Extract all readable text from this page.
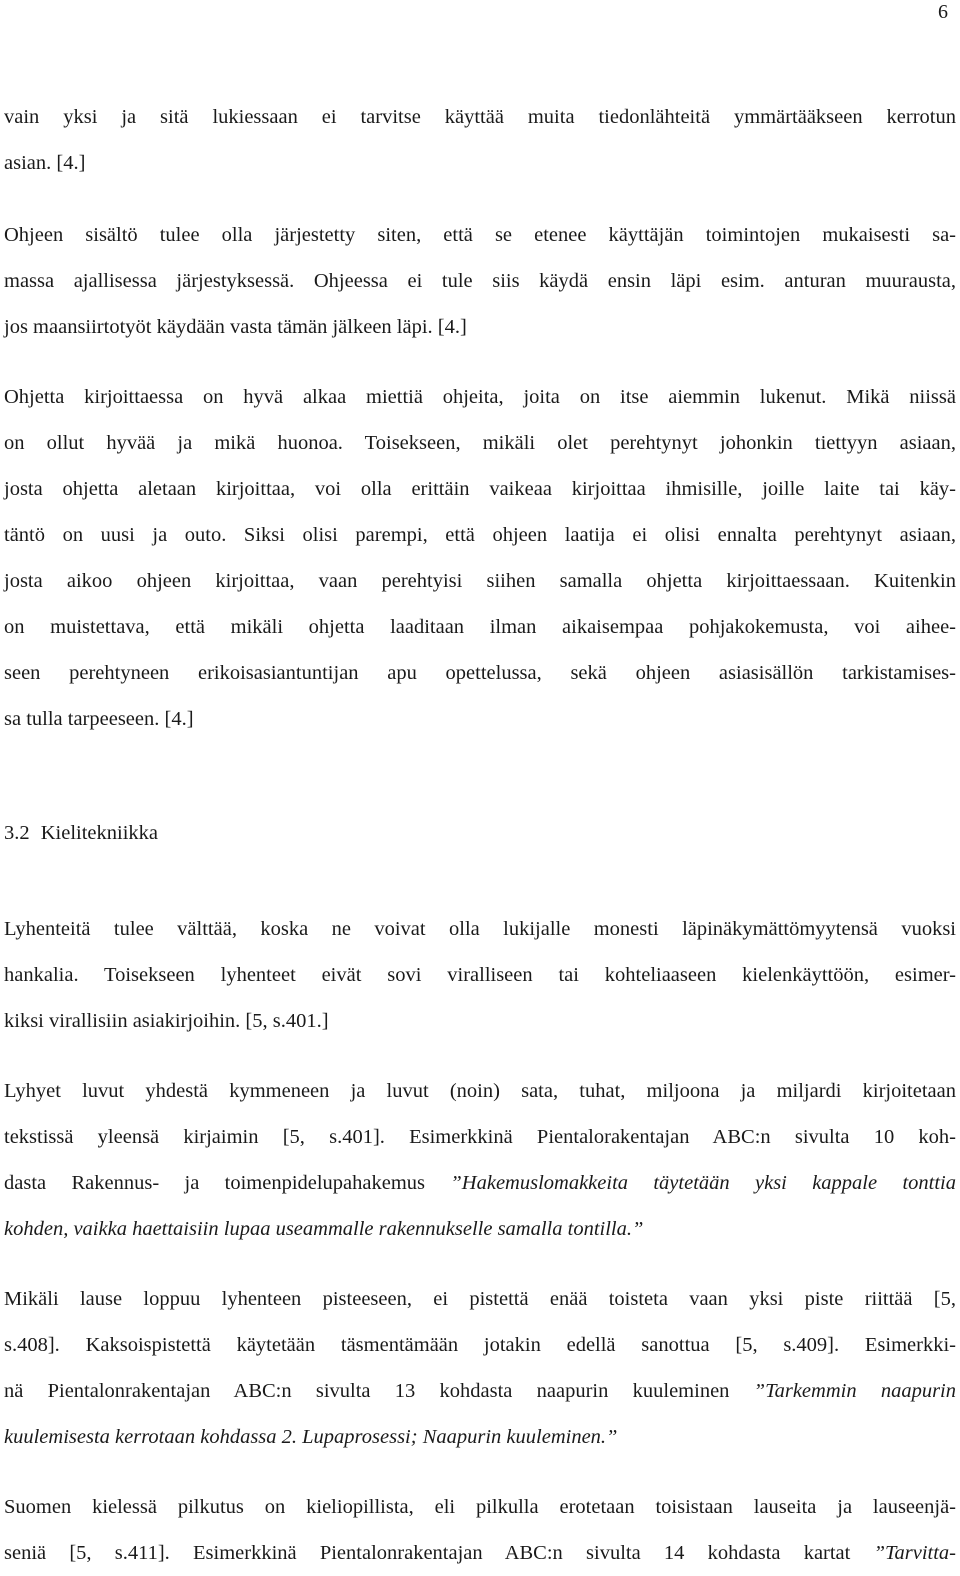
6
vain yksi ja sitä lukiessaan ei tarvitse käyttää muita tiedonlähteitä ymmärtääkseen kerrotun
asian. [4.]
Ohjeen sisältö tulee olla järjestetty siten, että se etenee käyttäjän toimintojen mukaisesti sa-
massa ajallisessa järjestyksessä. Ohjeessa ei tule siis käydä ensin läpi esim. anturan muurausta,
jos maansiirtotyöt käydään vasta tämän jälkeen läpi. [4.]
Ohjetta kirjoittaessa on hyvä alkaa miettiä ohjeita, joita on itse aiemmin lukenut. Mikä niissä
on ollut hyvää ja mikä huonoa. Toisekseen, mikäli olet perehtynyt johonkin tiettyyn asiaan,
josta ohjetta aletaan kirjoittaa, voi olla erittäin vaikeaa kirjoittaa ihmisille, joille laite tai käy-
täntö on uusi ja outo. Siksi olisi parempi, että ohjeen laatija ei olisi ennalta perehtynyt asiaan,
josta aikoo ohjeen kirjoittaa, vaan perehtyisi siihen samalla ohjetta kirjoittaessaan. Kuitenkin
on muistettava, että mikäli ohjetta laaditaan ilman aikaisempaa pohjakokemusta, voi aihee-
seen perehtyneen erikoisasiantuntijan apu opettelussa, sekä ohjeen asiasisällön tarkistamises-
sa tulla tarpeeseen. [4.]
3.2 Kielitekniikka
Lyhenteitä tulee välttää, koska ne voivat olla lukijalle monesti läpinäkymättömyytensä vuoksi
hankalia. Toisekseen lyhenteet eivät sovi viralliseen tai kohteliaaseen kielenkäyttöön, esimer-
kiksi virallisiin asiakirjoihin. [5, s.401.]
Lyhyet luvut yhdestä kymmeneen ja luvut (noin) sata, tuhat, miljoona ja miljardi kirjoitetaan
tekstissä yleensä kirjaimin [5, s.401]. Esimerkkinä Pientalorakentajan ABC:n sivulta 10 koh-
dasta Rakennus- ja toimenpidelupahakemus ”Hakemuslomakkeita täytetään yksi kappale tonttia
kohden, vaikka haettaisiin lupaa useammalle rakennukselle samalla tontilla.”
Mikäli lause loppuu lyhenteen pisteeseen, ei pistettä enää toisteta vaan yksi piste riittää [5,
s.408]. Kaksoispistettä käytetään täsmentämään jotakin edellä sanottua [5, s.409]. Esimerkki-
nä Pientalonrakentajan ABC:n sivulta 13 kohdasta naapurin kuuleminen ”Tarkemmin naapurin
kuulemisesta kerrotaan kohdassa 2. Lupaprosessi; Naapurin kuuleminen.”
Suomen kielessä pilkutus on kieliopillista, eli pilkulla erotetaan toisistaan lauseita ja lauseenjä-
seniä [5, s.411]. Esimerkkinä Pientalonrakentajan ABC:n sivulta 14 kohdasta kartat ”Tarvitta-
